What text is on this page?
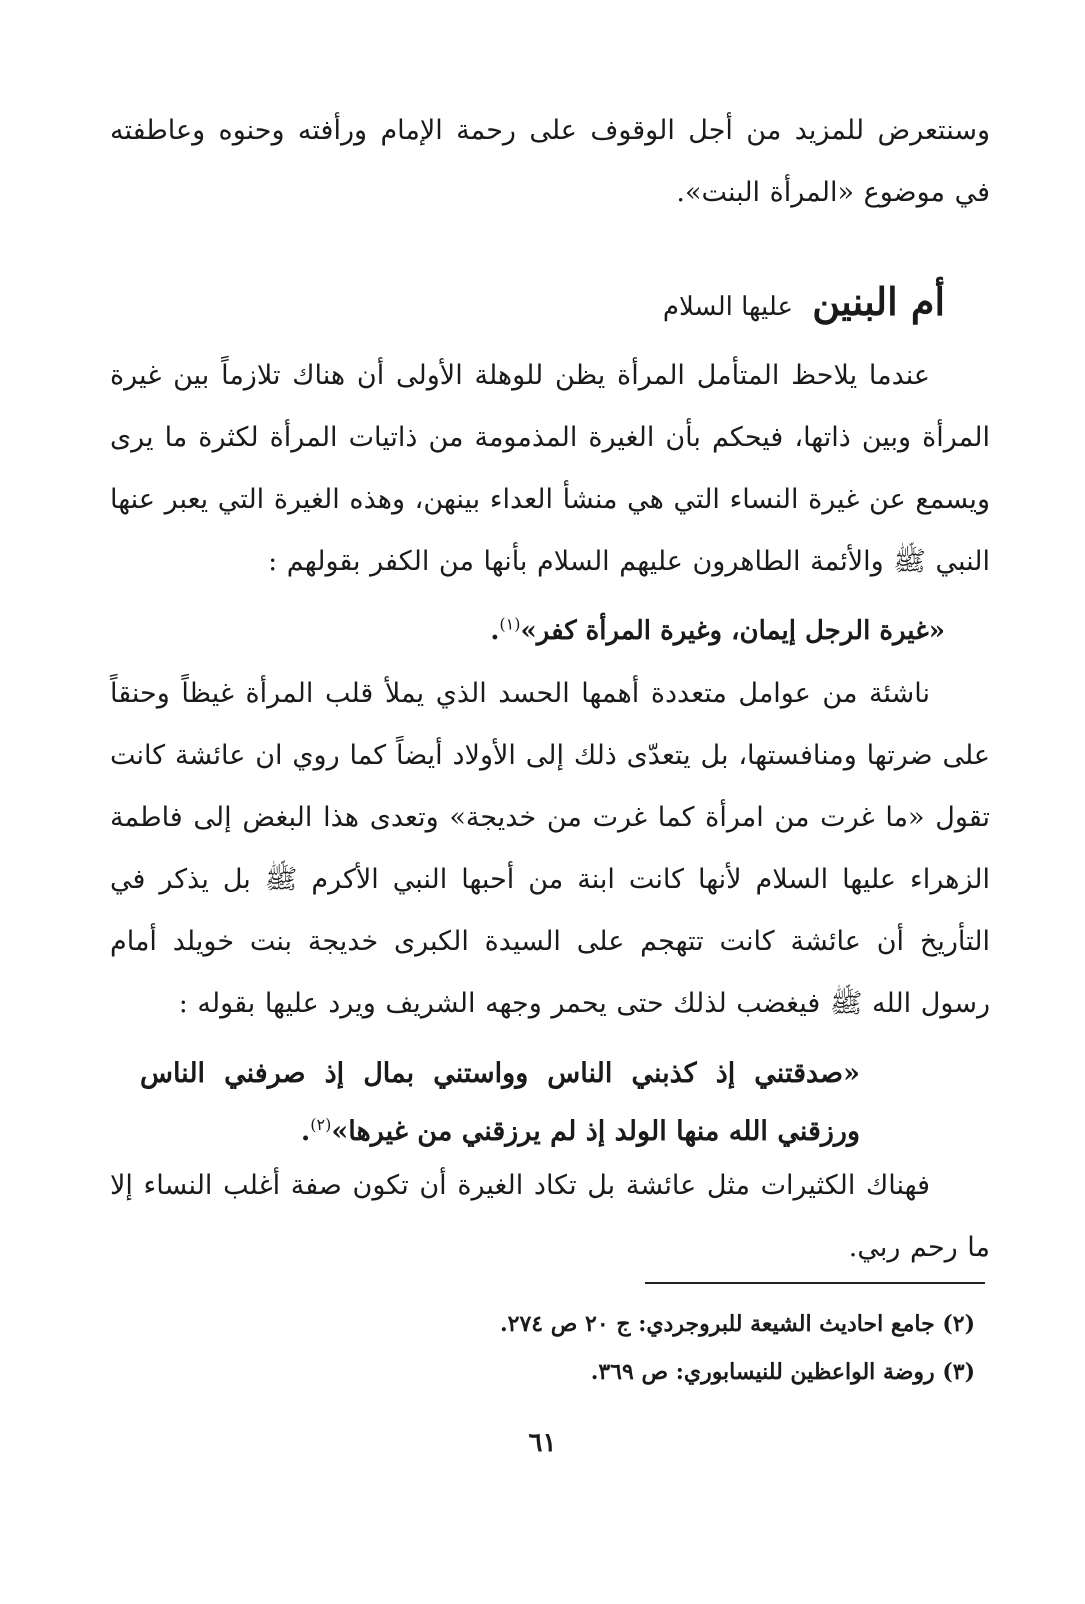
وسنتعرض للمزيد من أجل الوقوف على رحمة الإمام ورأفته وحنوه وعاطفته في موضوع «المرأة البنت».

أم البنين عليها السلام

عندما يلاحظ المتأمل المرأة يظن للوهلة الأولى أن هناك تلازماً بين غيرة المرأة وبين ذاتها، فيحكم بأن الغيرة المذمومة من ذاتيات المرأة لكثرة ما يرى ويسمع عن غيرة النساء التي هي منشأ العداء بينهن، وهذه الغيرة التي يعبر عنها النبي ﷺ والأئمة الطاهرون عليهم السلام بأنها من الكفر بقولهم :

«غيرة الرجل إيمان، وغيرة المرأة كفر»$^{(١)}$.

ناشئة من عوامل متعددة أهمها الحسد الذي يملأ قلب المرأة غيظاً وحنقاً على ضرتها ومنافستها، بل يتعدّى ذلك إلى الأولاد أيضاً كما روي ان عائشة كانت تقول «ما غرت من امرأة كما غرت من خديجة» وتعدى هذا البغض إلى فاطمة الزهراء عليها السلام لأنها كانت ابنة من أحبها النبي الأكرم ﷺ بل يذكر في التأريخ أن عائشة كانت تتهجم على السيدة الكبرى خديجة بنت خويلد أمام رسول الله ﷺ فيغضب لذلك حتى يحمر وجهه الشريف ويرد عليها بقوله :

«صدقتني إذ كذبني الناس وواستني بمال إذ صرفني الناس ورزقني الله منها الولد إذ لم يرزقني من غيرها»$^{(٢)}$.

فهناك الكثيرات مثل عائشة بل تكاد الغيرة أن تكون صفة أغلب النساء إلا ما رحم ربي.

(٢) جامع احاديث الشيعة للبروجردي: ج ٢٠ ص ٢٧٤.
(٣) روضة الواعظين للنيسابوري: ص ٣٦٩.
٦١
